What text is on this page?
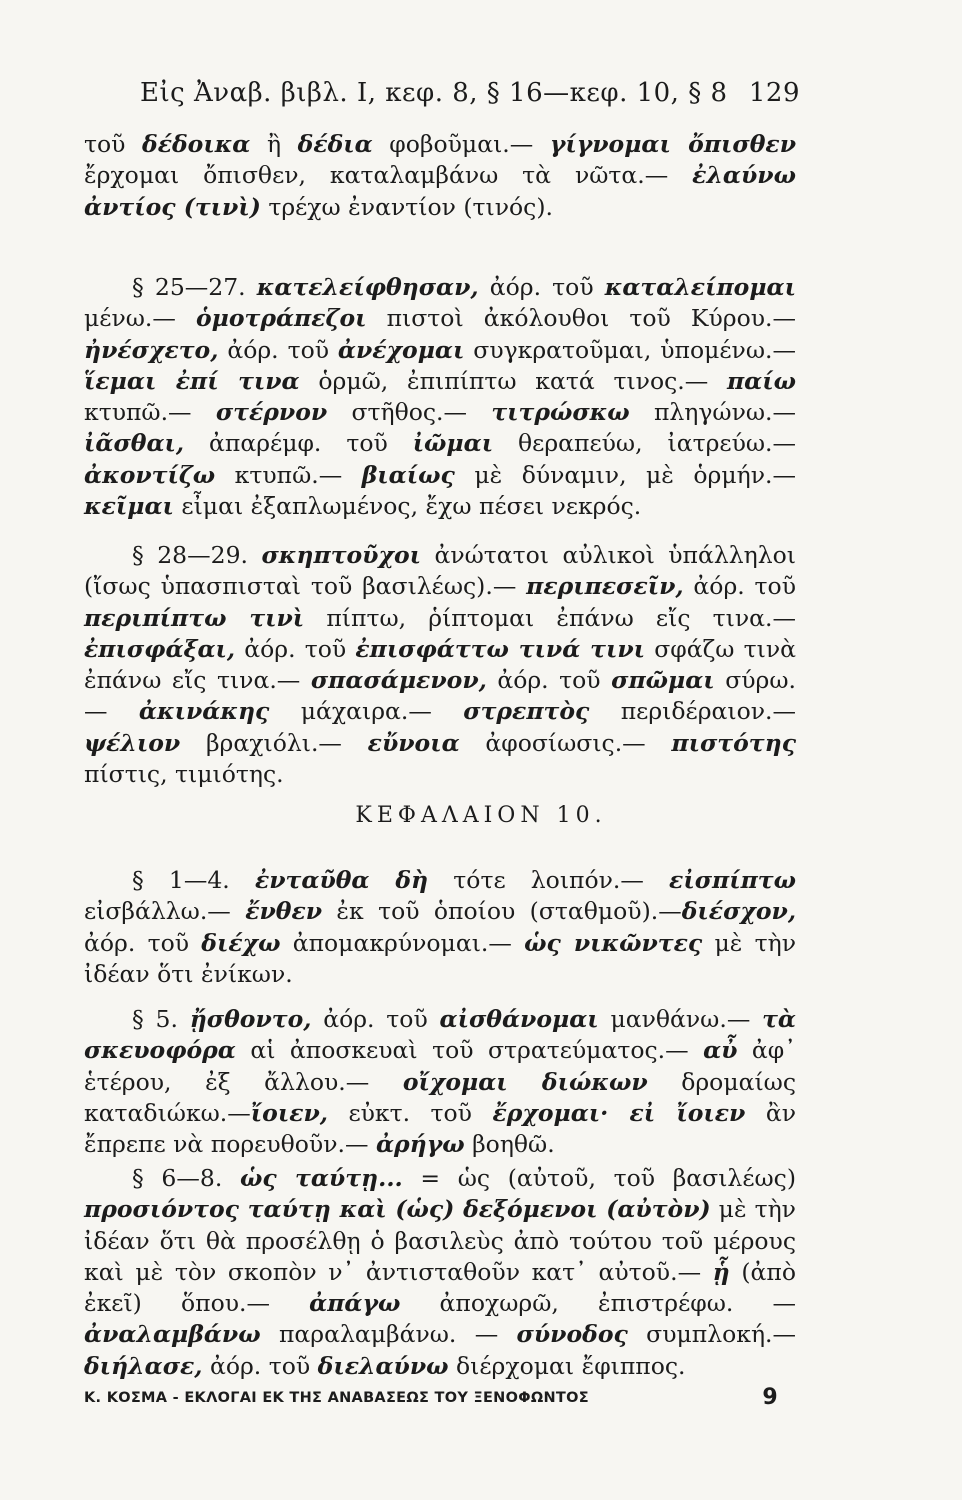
Εἰς Ἀναβ. βιβλ. Ι, κεφ. 8, § 16—κεφ. 10, § 8 129
τοῦ δέδοικα ἢ δέδια φοβοῦμαι.— γίγνομαι ὄπισθεν ἔρχομαι ὄπισθεν, καταλαμβάνω τὰ νῶτα.— ἐλαύνω ἀντίος (τινὶ) τρέχω ἐναντίον (τινός).
§ 25—27. κατελείφθησαν, ἀόρ. τοῦ καταλείπομαι μένω.— ὁμοτράπεζοι πιστοὶ ἀκόλουθοι τοῦ Κύρου.— ἠνέσχετο, ἀόρ. τοῦ ἀνέχομαι συγκρατοῦμαι, ὑπομένω.— ἵεμαι ἐπί τινα ὁρμῶ, ἐπιπίπτω κατά τινος.— παίω κτυπῶ.— στέρνον στῆθος.— τιτρώσκω πληγώνω.— ἰᾶσθαι, ἀπαρέμφ. τοῦ ἰῶμαι θεραπεύω, ἰατρεύω.— ἀκοντίζω κτυπῶ.— βιαίως μὲ δύναμιν, μὲ ὁρμήν.— κεῖμαι εἶμαι ἐξαπλωμένος, ἔχω πέσει νεκρός.
§ 28—29. σκηπτοῦχοι ἀνώτατοι αὐλικοὶ ὑπάλληλοι (ἴσως ὑπασπισταὶ τοῦ βασιλέως).— περιπεσεῖν, ἀόρ. τοῦ περιπίπτω τινὶ πίπτω, ῥίπτομαι ἐπάνω εἴς τινα.— ἐπισφάξαι, ἀόρ. τοῦ ἐπισφάττω τινά τινι σφάζω τινὰ ἐπάνω εἴς τινα.— σπασάμενον, ἀόρ. τοῦ σπῶμαι σύρω.— ἀκινάκης μάχαιρα.— στρεπτὸς περιδέραιον.— ψέλιον βραχιόλι.— εὔνοια ἀφοσίωσις.— πιστότης πίστις, τιμιότης.
ΚΕΦΑΛΑΙΟΝ 10.
§ 1—4. ἐνταῦθα δὴ τότε λοιπόν.— εἰσπίπτω εἰσβάλλω.— ἔνθεν ἐκ τοῦ ὁποίου (σταθμοῦ).—διέσχον, ἀόρ. τοῦ διέχω ἀπομακρύνομαι.— ὡς νικῶντες μὲ τὴν ἰδέαν ὅτι ἐνίκων.
§ 5. ᾔσθοντο, ἀόρ. τοῦ αἰσθάνομαι μανθάνω.— τὰ σκευοφόρα αἱ ἀποσκευαὶ τοῦ στρατεύματος.— αὖ ἀφ᾽ ἑτέρου, ἐξ ἄλλου.— οἴχομαι διώκων δρομαίως καταδιώκω.—ἴοιεν, εὐκτ. τοῦ ἔρχομαι· εἰ ἴοιεν ἂν ἔπρεπε νὰ πορευθοῦν.— ἀρήγω βοηθῶ.
§ 6—8. ὡς ταύτῃ... = ὡς (αὐτοῦ, τοῦ βασιλέως) προσιόντος ταύτῃ καὶ (ὡς) δεξόμενοι (αὐτὸν) μὲ τὴν ἰδέαν ὅτι θὰ προσέλθῃ ὁ βασιλεὺς ἀπὸ τούτου τοῦ μέρους καὶ μὲ τὸν σκοπὸν ν᾽ ἀντισταθοῦν κατ᾽ αὐτοῦ.— ᾗ (ἀπὸ ἐκεῖ) ὅπου.— ἀπάγω ἀποχωρῶ, ἐπιστρέφω. — ἀναλαμβάνω παραλαμβάνω. — σύνοδος συμπλοκή.— διήλασε, ἀόρ. τοῦ διελαύνω διέρχομαι ἔφιππος.
Κ. ΚΟΣΜΑ - ΕΚΛΟΓΑΙ ΕΚ ΤΗΣ ΑΝΑΒΑΣΕΩΣ ΤΟΥ ΞΕΝΟΦΩΝΤΟΣ	9
